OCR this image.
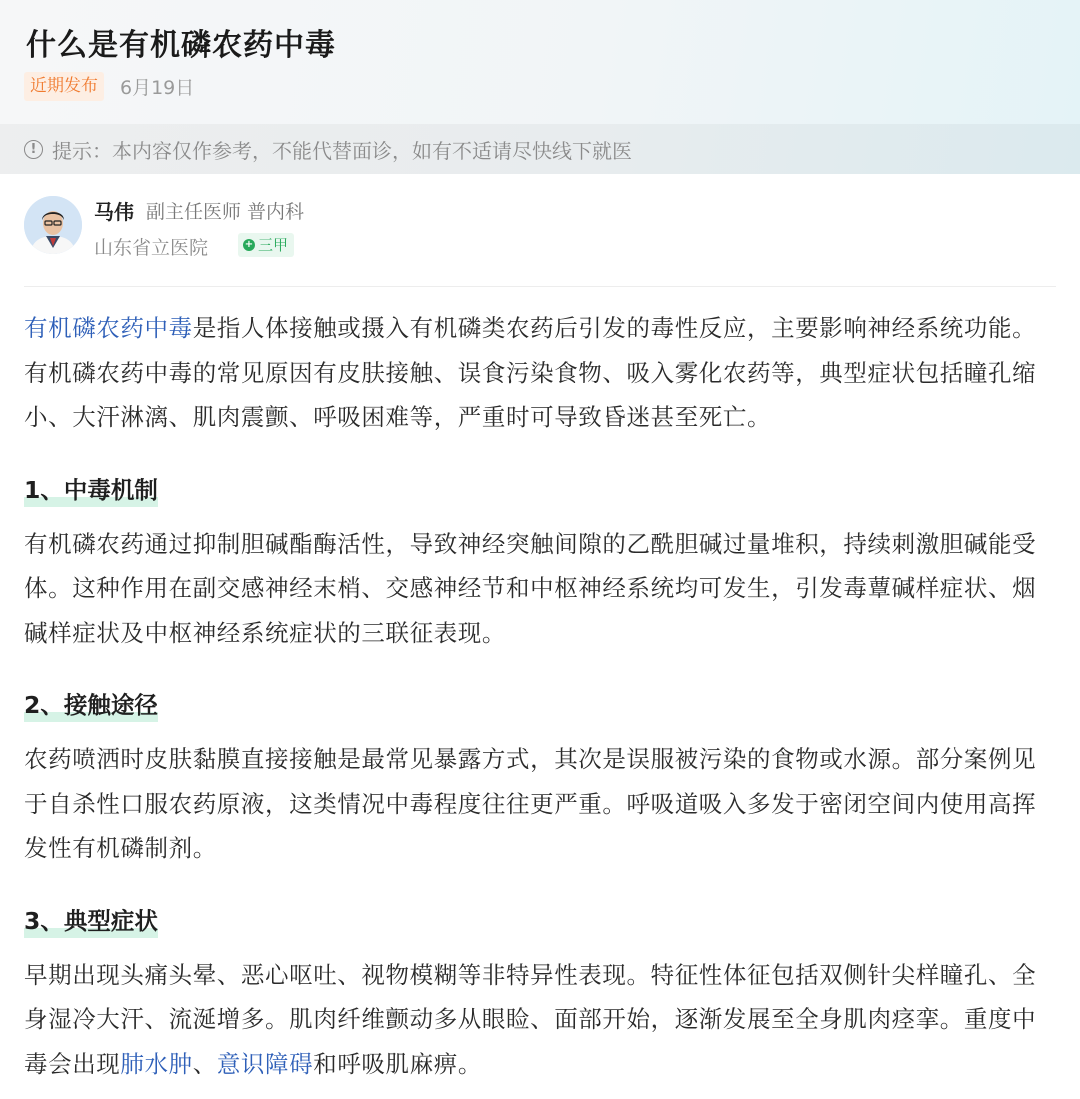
什么是有机磷农药中毒
近期发布	6月19日
! 提示：本内容仅作参考，不能代替面诊，如有不适请尽快线下就医
马伟 副主任医师 普内科
山东省立医院	+ 三甲

有机磷农药中毒是指人体接触或摄入有机磷类农药后引发的毒性反应，主要影响神经系统功能。有机磷农药中毒的常见原因有皮肤接触、误食污染食物、吸入雾化农药等，典型症状包括瞳孔缩小、大汗淋漓、肌肉震颤、呼吸困难等，严重时可导致昏迷甚至死亡。

1、中毒机制

有机磷农药通过抑制胆碱酯酶活性，导致神经突触间隙的乙酰胆碱过量堆积，持续刺激胆碱能受体。这种作用在副交感神经末梢、交感神经节和中枢神经系统均可发生，引发毒蕈碱样症状、烟碱样症状及中枢神经系统症状的三联征表现。

2、接触途径

农药喷洒时皮肤黏膜直接接触是最常见暴露方式，其次是误服被污染的食物或水源。部分案例见于自杀性口服农药原液，这类情况中毒程度往往更严重。呼吸道吸入多发于密闭空间内使用高挥发性有机磷制剂。

3、典型症状

早期出现头痛头晕、恶心呕吐、视物模糊等非特异性表现。特征性体征包括双侧针尖样瞳孔、全身湿冷大汗、流涎增多。肌肉纤维颤动多从眼睑、面部开始，逐渐发展至全身肌肉痉挛。重度中毒会出现肺水肿、意识障碍和呼吸肌麻痹。
